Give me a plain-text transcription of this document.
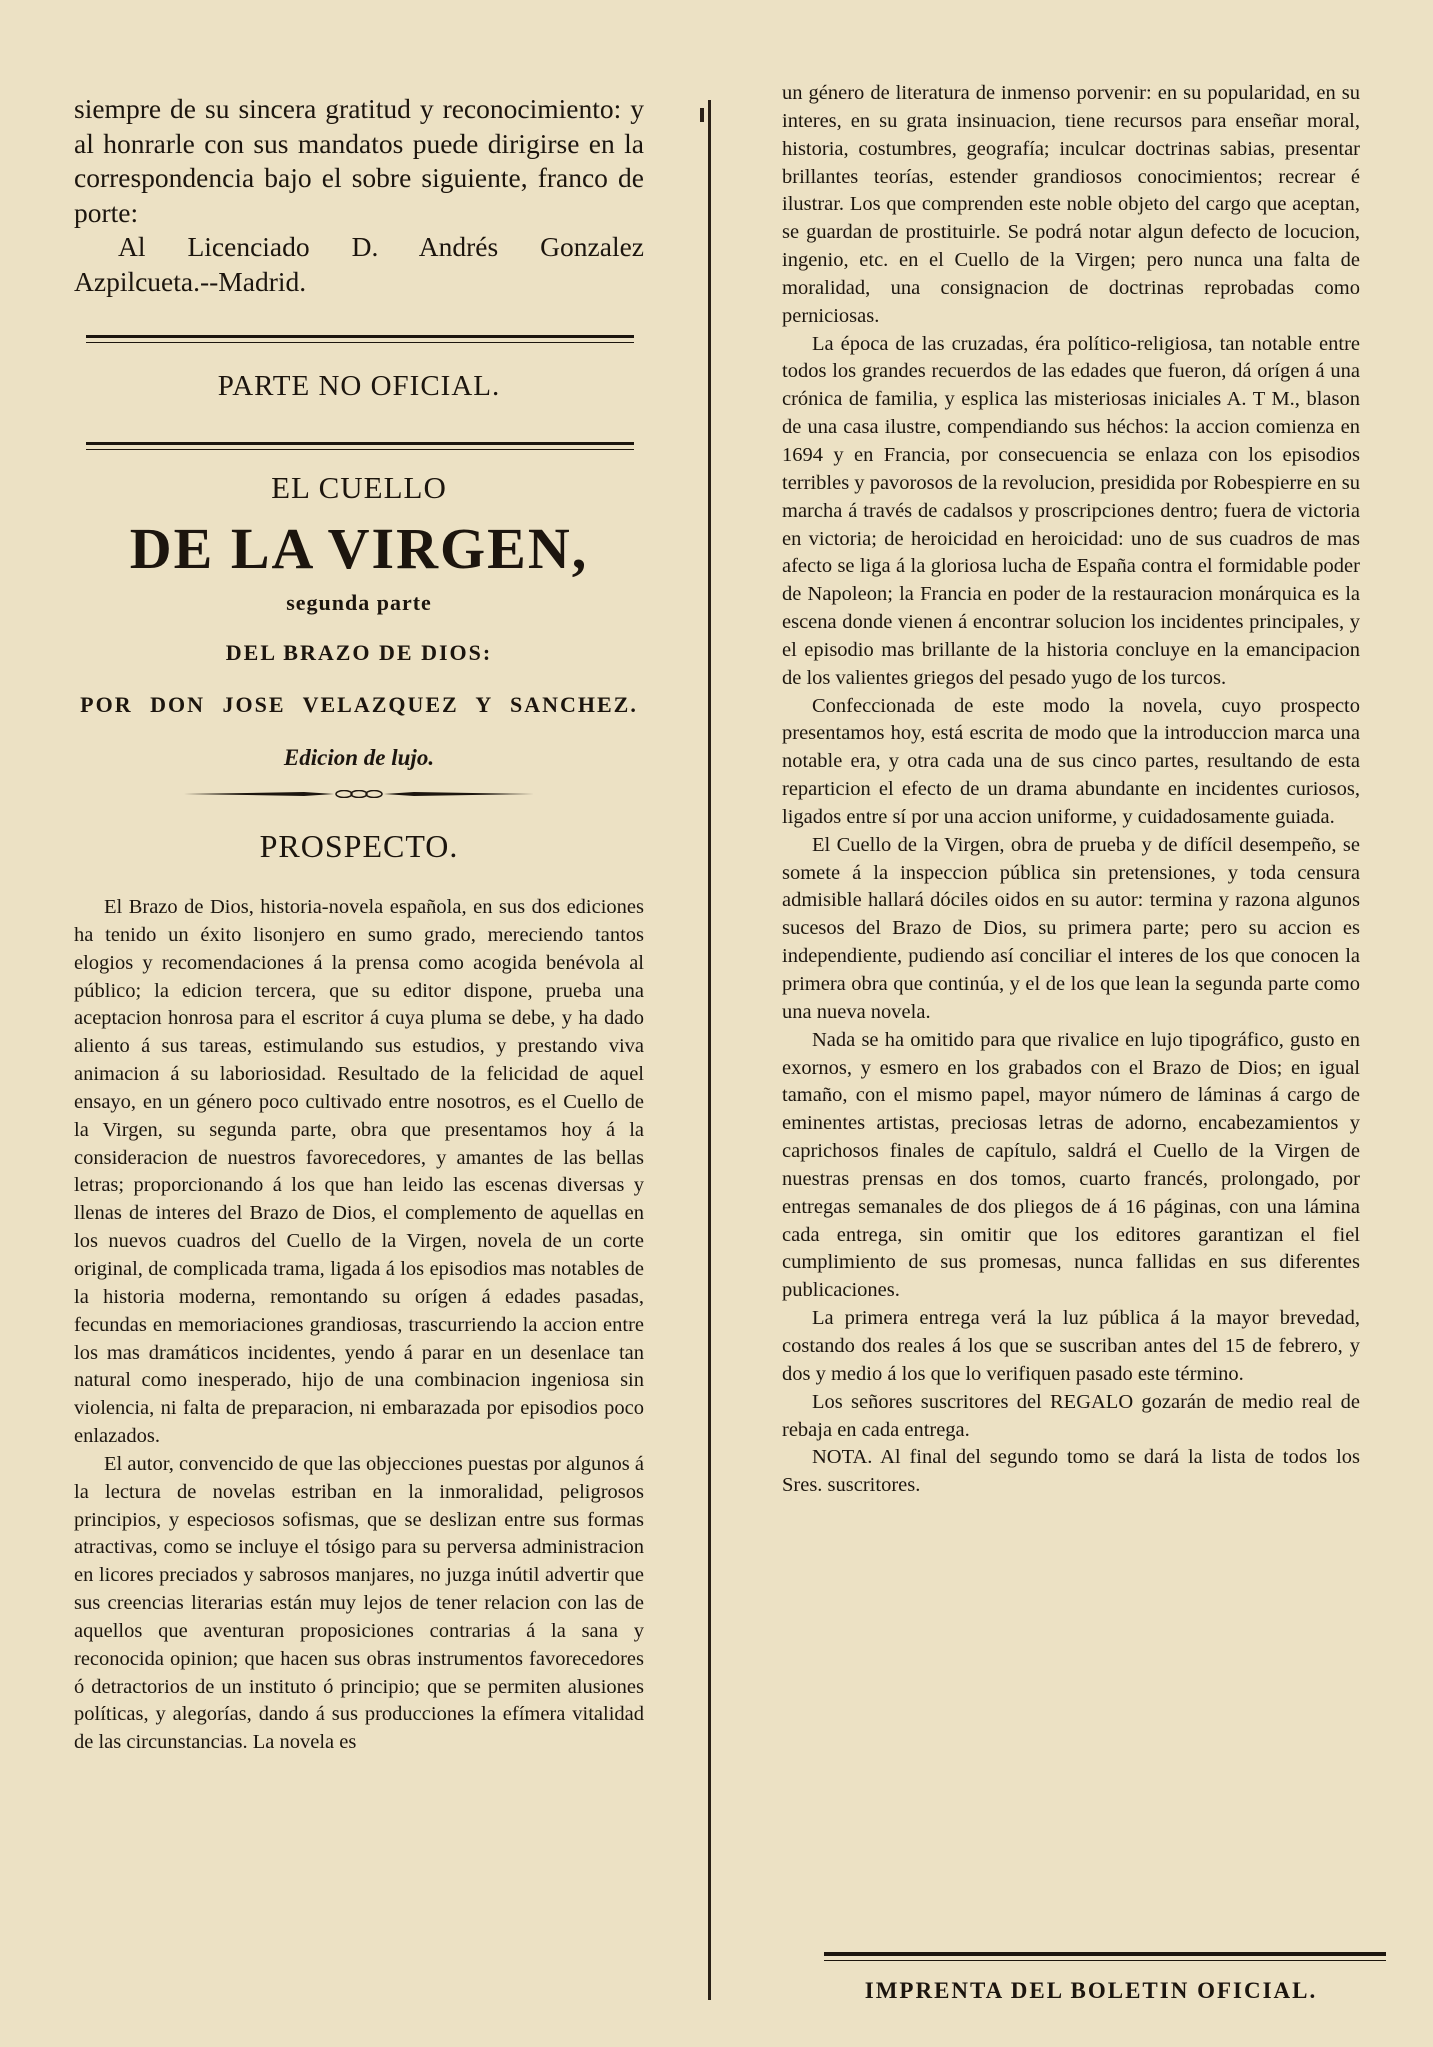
siempre de su sincera gratitud y reconocimiento: y al honrarle con sus mandatos puede dirigirse en la correspondencia bajo el sobre siguiente, franco de porte:

Al Licenciado D. Andrés Gonzalez Azpilcueta.--Madrid.

PARTE NO OFICIAL.
EL CUELLO
DE LA VIRGEN,
segunda parte
DEL BRAZO DE DIOS:
POR DON JOSE VELAZQUEZ Y SANCHEZ.
Edicion de lujo.
PROSPECTO.

El Brazo de Dios, historia-novela española, en sus dos ediciones ha tenido un éxito lisonjero en sumo grado, mereciendo tantos elogios y recomendaciones á la prensa como acogida benévola al público; la edicion tercera, que su editor dispone, prueba una aceptacion honrosa para el escritor á cuya pluma se debe, y ha dado aliento á sus tareas, estimulando sus estudios, y prestando viva animacion á su laboriosidad. Resultado de la felicidad de aquel ensayo, en un género poco cultivado entre nosotros, es el Cuello de la Virgen, su segunda parte, obra que presentamos hoy á la consideracion de nuestros favorecedores, y amantes de las bellas letras; proporcionando á los que han leido las escenas diversas y llenas de interes del Brazo de Dios, el complemento de aquellas en los nuevos cuadros del Cuello de la Virgen, novela de un corte original, de complicada trama, ligada á los episodios mas notables de la historia moderna, remontando su orígen á edades pasadas, fecundas en memoriaciones grandiosas, trascurriendo la accion entre los mas dramáticos incidentes, yendo á parar en un desenlace tan natural como inesperado, hijo de una combinacion ingeniosa sin violencia, ni falta de preparacion, ni embarazada por episodios poco enlazados.

El autor, convencido de que las objecciones puestas por algunos á la lectura de novelas estriban en la inmoralidad, peligrosos principios, y especiosos sofismas, que se deslizan entre sus formas atractivas, como se incluye el tósigo para su perversa administracion en licores preciados y sabrosos manjares, no juzga inútil advertir que sus creencias literarias están muy lejos de tener relacion con las de aquellos que aventuran proposiciones contrarias á la sana y reconocida opinion; que hacen sus obras instrumentos favorecedores ó detractorios de un instituto ó principio; que se permiten alusiones políticas, y alegorías, dando á sus producciones la efímera vitalidad de las circunstancias. La novela es

un género de literatura de inmenso porvenir: en su popularidad, en su interes, en su grata insinuacion, tiene recursos para enseñar moral, historia, costumbres, geografía; inculcar doctrinas sabias, presentar brillantes teorías, estender grandiosos conocimientos; recrear é ilustrar. Los que comprenden este noble objeto del cargo que aceptan, se guardan de prostituirle. Se podrá notar algun defecto de locucion, ingenio, etc. en el Cuello de la Virgen; pero nunca una falta de moralidad, una consignacion de doctrinas reprobadas como perniciosas.

La época de las cruzadas, éra político-religiosa, tan notable entre todos los grandes recuerdos de las edades que fueron, dá orígen á una crónica de familia, y esplica las misteriosas iniciales A. T M., blason de una casa ilustre, compendiando sus héchos: la accion comienza en 1694 y en Francia, por consecuencia se enlaza con los episodios terribles y pavorosos de la revolucion, presidida por Robespierre en su marcha á través de cadalsos y proscripciones dentro; fuera de victoria en victoria; de heroicidad en heroicidad: uno de sus cuadros de mas afecto se liga á la gloriosa lucha de España contra el formidable poder de Napoleon; la Francia en poder de la restauracion monárquica es la escena donde vienen á encontrar solucion los incidentes principales, y el episodio mas brillante de la historia concluye en la emancipacion de los valientes griegos del pesado yugo de los turcos.

Confeccionada de este modo la novela, cuyo prospecto presentamos hoy, está escrita de modo que la introduccion marca una notable era, y otra cada una de sus cinco partes, resultando de esta reparticion el efecto de un drama abundante en incidentes curiosos, ligados entre sí por una accion uniforme, y cuidadosamente guiada.

El Cuello de la Virgen, obra de prueba y de difícil desempeño, se somete á la inspeccion pública sin pretensiones, y toda censura admisible hallará dóciles oidos en su autor: termina y razona algunos sucesos del Brazo de Dios, su primera parte; pero su accion es independiente, pudiendo así conciliar el interes de los que conocen la primera obra que continúa, y el de los que lean la segunda parte como una nueva novela.

Nada se ha omitido para que rivalice en lujo tipográfico, gusto en exornos, y esmero en los grabados con el Brazo de Dios; en igual tamaño, con el mismo papel, mayor número de láminas á cargo de eminentes artistas, preciosas letras de adorno, encabezamientos y caprichosos finales de capítulo, saldrá el Cuello de la Virgen de nuestras prensas en dos tomos, cuarto francés, prolongado, por entregas semanales de dos pliegos de á 16 páginas, con una lámina cada entrega, sin omitir que los editores garantizan el fiel cumplimiento de sus promesas, nunca fallidas en sus diferentes publicaciones.

La primera entrega verá la luz pública á la mayor brevedad, costando dos reales á los que se suscriban antes del 15 de febrero, y dos y medio á los que lo verifiquen pasado este término.

Los señores suscritores del REGALO gozarán de medio real de rebaja en cada entrega.

NOTA. Al final del segundo tomo se dará la lista de todos los Sres. suscritores.

IMPRENTA DEL BOLETIN OFICIAL.
